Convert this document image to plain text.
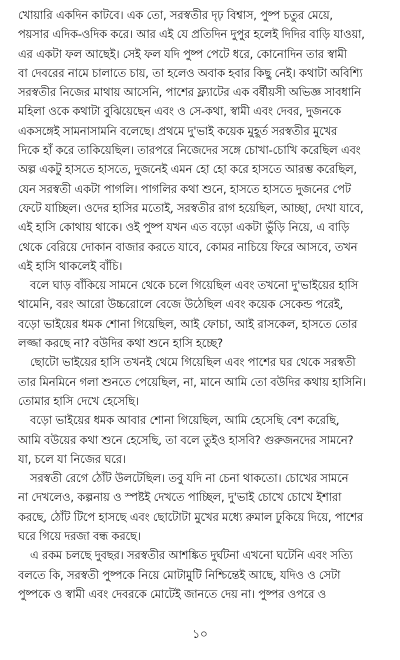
খোয়ারি একদিন কাটবে। এক তো, সরস্বতীর দৃঢ় বিশ্বাস, পুষ্প চতুর মেয়ে,
পয়সার এদিক-ওদিক করে। আর এই যে প্রতিদিন দুপুর হলেই দিদির বাড়ি যাওয়া,
এর একটা ফল আছেই। সেই ফল যদি পুষ্প পেটে ধরে, কোনোদিন তার স্বামী
বা দেবরের নামে চালাতে চায়, তা হলেও অবাক হবার কিছু নেই। কথাটা অবিশ্যি
সরস্বতীর নিজের মাথায় আসেনি, পাশের ফ্ল্যাটের এক বর্ষীয়সী অভিজ্ঞ সাবধানি
মহিলা ওকে কথাটা বুঝিয়েছেন এবং ও সে-কথা, স্বামী এবং দেবর, দুজনকে
একসঙ্গেই সামনাসামনি বলেছে। প্রথমে দু'ভাই কয়েক মুহূর্ত সরস্বতীর মুখের
দিকে হাঁ করে তাকিয়েছিল। তারপরে নিজেদের সঙ্গে চোখা-চোখি করেছিল এবং
অল্প একটু হাসতে হাসতে, দুজনেই এমন হো হো করে হাসতে আরম্ভ করেছিল,
যেন সরস্বতী একটা পাগলি। পাগলির কথা শুনে, হাসতে হাসতে দুজনের পেট
ফেটে যাচ্ছিল। ওদের হাসির মতোই, সরস্বতীর রাগ হয়েছিল, আচ্ছা, দেখা যাবে,
এই হাসি কোথায় থাকে। ওই পুষ্প যখন এত বড়ো একটা ভুঁড়ি নিয়ে, এ বাড়ি
থেকে বেরিয়ে দোকান বাজার করতে যাবে, কোমর নাচিয়ে ফিরে আসবে, তখন
এই হাসি থাকলেই বাঁচি।
বলে ঘাড় বাঁকিয়ে সামনে থেকে চলে গিয়েছিল এবং তখনো দু'ভাইয়ের হাসি
থামেনি, বরং আরো উচ্চরোলে বেজে উঠেছিল এবং কয়েক সেকেন্ড পরেই,
বড়ো ভাইয়ের ধমক শোনা গিয়েছিল, আই ফোচা, আই রাসকেল, হাসতে তোর
লজ্জা করছে না? বউদির কথা শুনে হাসি হচ্ছে?
ছোটো ভাইয়ের হাসি তখনই থেমে গিয়েছিল এবং পাশের ঘর থেকে সরস্বতী
তার মিনমিনে গলা শুনতে পেয়েছিল, না, মানে আমি তো বউদির কথায় হাসিনি।
তোমার হাসি দেখে হেসেছি।
বড়ো ভাইয়ের ধমক আবার শোনা গিয়েছিল, আমি হেসেছি বেশ করেছি,
আমি বউয়ের কথা শুনে হেসেছি, তা বলে তুইও হাসবি? গুরুজনদের সামনে?
যা, চলে যা নিজের ঘরে।
সরস্বতী রেগে ঠোঁট উলটেছিল। তবু যদি না চেনা থাকতো। চোখের সামনে
না দেখলেও, কল্পনায় ও স্পষ্টই দেখতে পাচ্ছিল, দু'ভাই চোখে চোখে ইশারা
করছে, ঠোঁট টিপে হাসছে এবং ছোটোটা মুখের মধ্যে রুমাল ঢুকিয়ে দিয়ে, পাশের
ঘরে গিয়ে দরজা বন্ধ করছে।
এ রকম চলছে দুবছর। সরস্বতীর আশঙ্কিত দুর্ঘটনা এখনো ঘটেনি এবং সত্যি
বলতে কি, সরস্বতী পুষ্পকে নিয়ে মোটামুটি নিশ্চিন্তেই আছে, যদিও ও সেটা
পুষ্পকে ও স্বামী এবং দেবরকে মোটেই জানতে দেয় না। পুষ্পর ওপরে ও
১০
